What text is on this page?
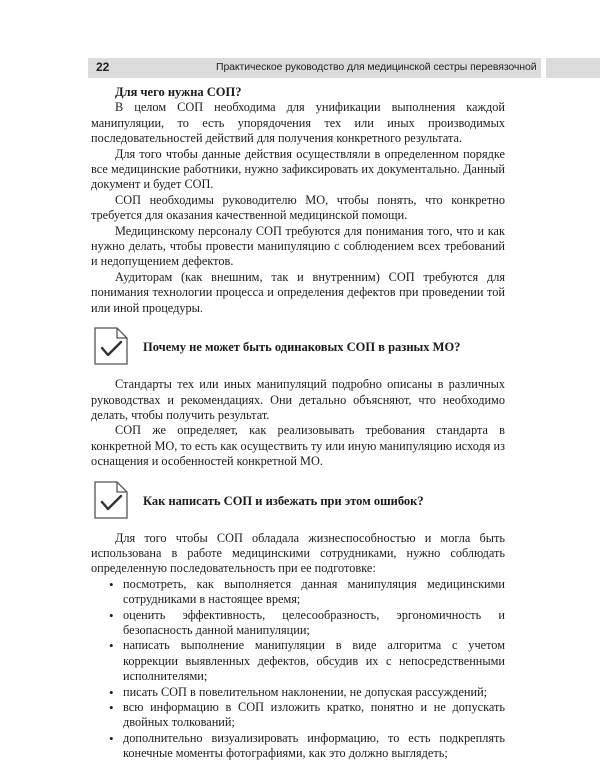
22	Практическое руководство для медицинской сестры перевязочной
Для чего нужна СОП?

В целом СОП необходима для унификации выполнения каждой манипуляции, то есть упорядочения тех или иных производимых последовательностей действий для получения конкретного результата.

Для того чтобы данные действия осуществляли в определенном порядке все медицинские работники, нужно зафиксировать их документально. Данный документ и будет СОП.

СОП необходимы руководителю МО, чтобы понять, что конкретно требуется для оказания качественной медицинской помощи.

Медицинскому персоналу СОП требуются для понимания того, что и как нужно делать, чтобы провести манипуляцию с соблюдением всех требований и недопущением дефектов.

Аудиторам (как внешним, так и внутренним) СОП требуются для понимания технологии процесса и определения дефектов при проведении той или иной процедуры.

Почему не может быть одинаковых СОП в разных МО?

Стандарты тех или иных манипуляций подробно описаны в различных руководствах и рекомендациях. Они детально объясняют, что необходимо делать, чтобы получить результат.

СОП же определяет, как реализовывать требования стандарта в конкретной МО, то есть как осуществить ту или иную манипуляцию исходя из оснащения и особенностей конкретной МО.

Как написать СОП и избежать при этом ошибок?

Для того чтобы СОП обладала жизнеспособностью и могла быть использована в работе медицинскими сотрудниками, нужно соблюдать определенную последовательность при ее подготовке:

• посмотреть, как выполняется данная манипуляция медицинскими сотрудниками в настоящее время;
• оценить эффективность, целесообразность, эргономичность и безопасность данной манипуляции;
• написать выполнение манипуляции в виде алгоритма с учетом коррекции выявленных дефектов, обсудив их с непосредственными исполнителями;
• писать СОП в повелительном наклонении, не допуская рассуждений;
• всю информацию в СОП изложить кратко, понятно и не допускать двойных толкований;
• дополнительно визуализировать информацию, то есть подкреплять конечные моменты фотографиями, как это должно выглядеть;
